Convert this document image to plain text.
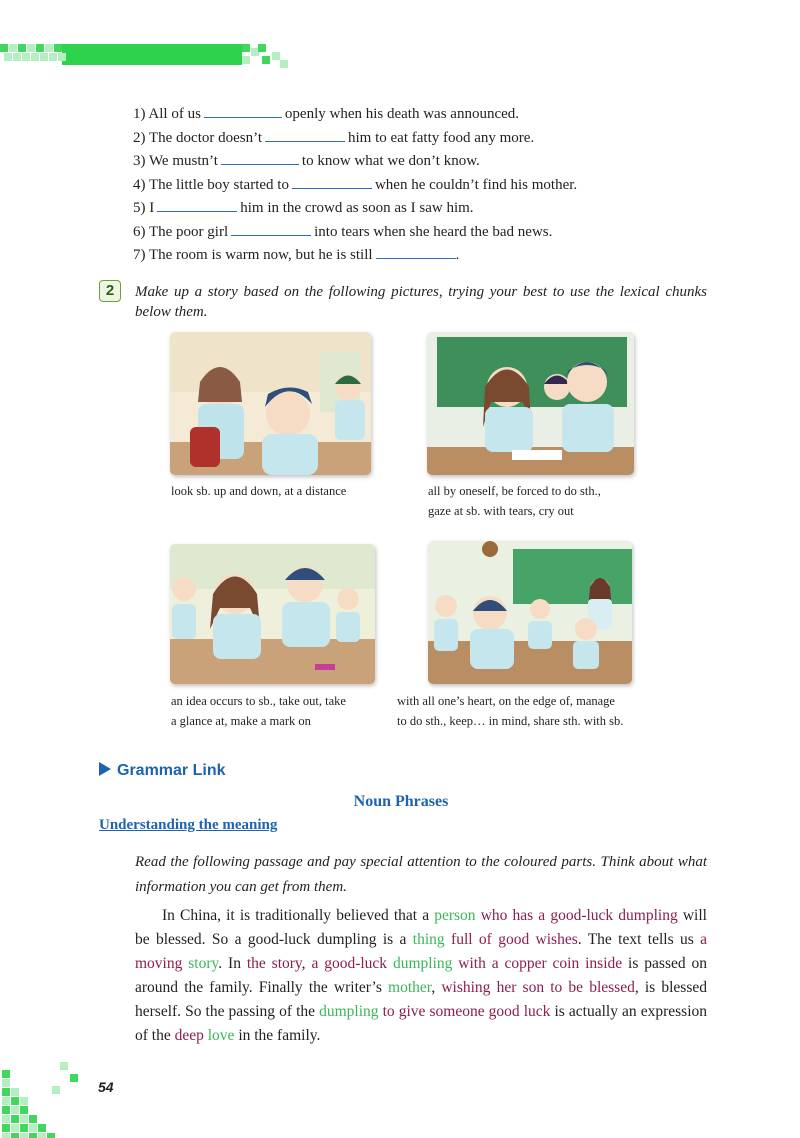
1) All of us	openly when his death was announced.
2) The doctor doesn’t	him to eat fatty food any more.
3) We mustn’t	to know what we don’t know.
4) The little boy started to	when he couldn’t find his mother.
5) I	him in the crowd as soon as I saw him.
6) The poor girl	into tears when she heard the bad news.
7) The room is warm now, but he is still	.
2	Make up a story based on the following pictures, trying your best to use the lexical chunks below them.
look sb. up and down, at a distance	all by oneself, be forced to do sth.,
gaze at sb. with tears, cry out
an idea occurs to sb., take out, take
a glance at, make a mark on
with all one’s heart, on the edge of, manage
to do sth., keep… in mind, share sth. with sb.
Grammar Link
Noun Phrases
Understanding the meaning
Read the following passage and pay special attention to the coloured parts. Think about what information you can get from them.
In China, it is traditionally believed that a person who has a good-luck dumpling will be blessed. So a good-luck dumpling is a thing full of good wishes. The text tells us a moving story. In the story, a good-luck dumpling with a copper coin inside is passed on around the family. Finally the writer’s mother, wishing her son to be blessed, is blessed herself. So the passing of the dumpling to give someone good luck is actually an expression of the deep love in the family.
54
